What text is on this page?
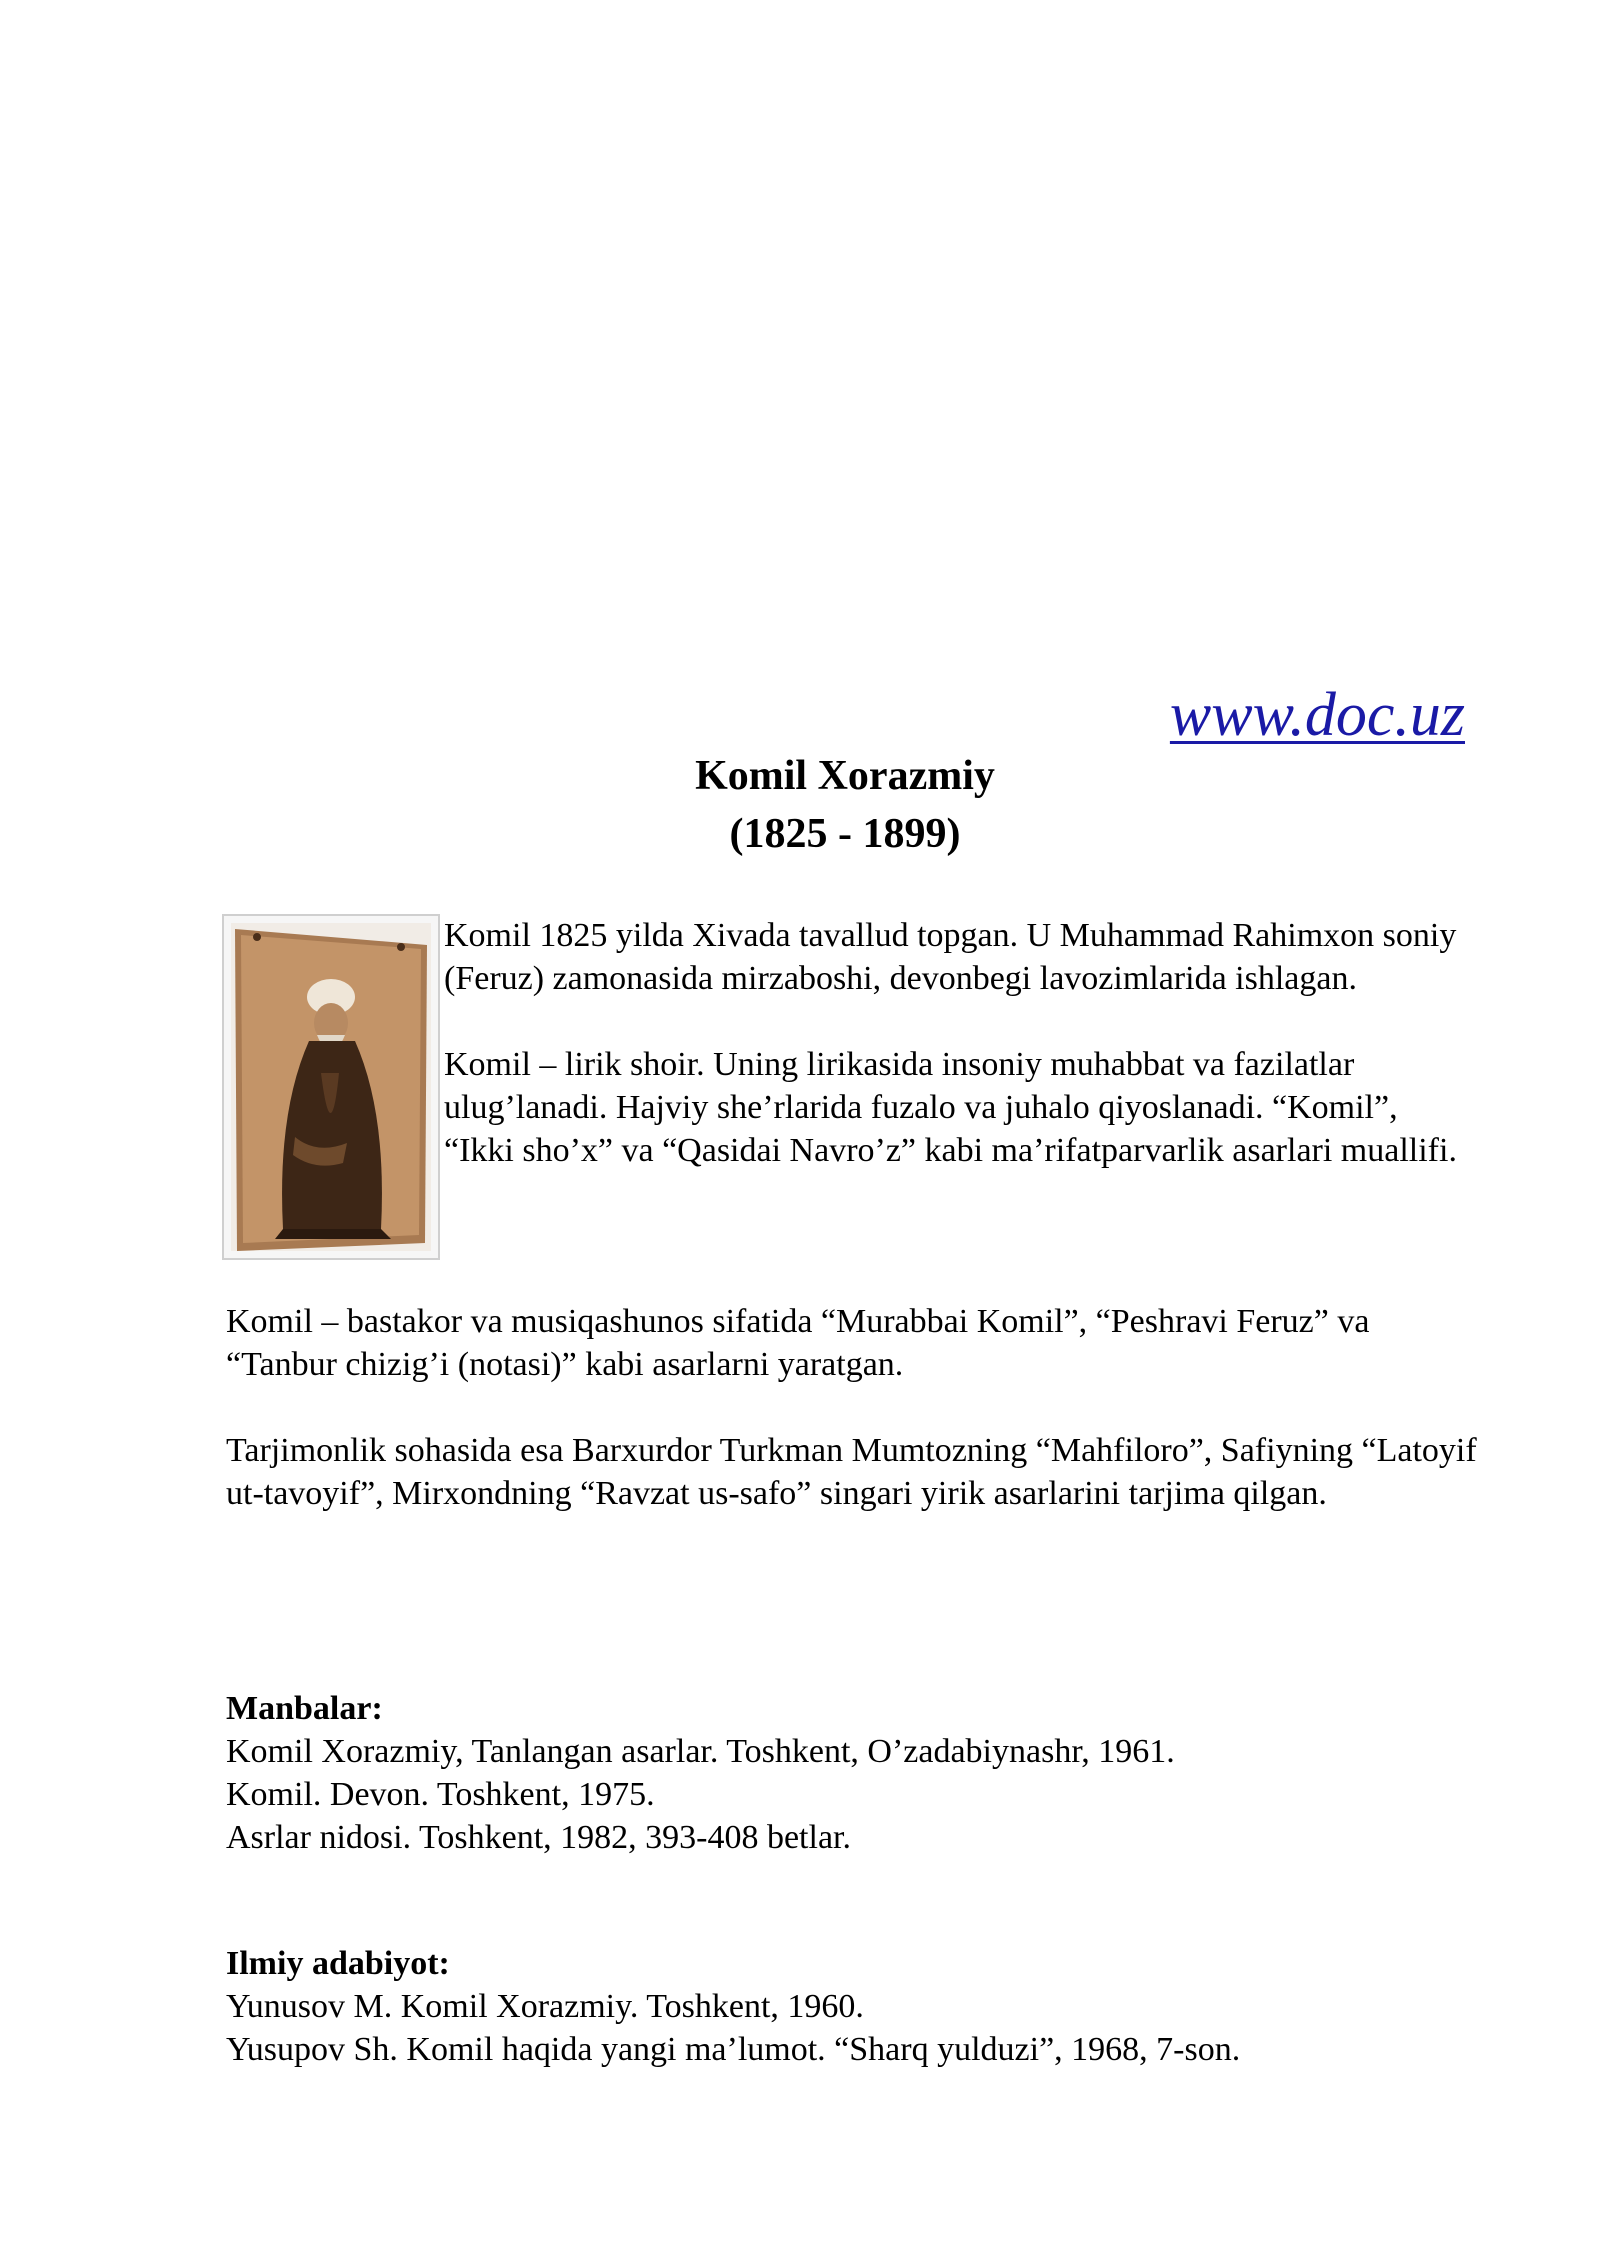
www.doc.uz
Komil Xorazmiy
(1825 - 1899)

Komil 1825 yilda Xivada tavallud topgan. U Muhammad Rahimxon soniy (Feruz) zamonasida mirzaboshi, devonbegi lavozimlarida ishlagan.

Komil – lirik shoir. Uning lirikasida insoniy muhabbat va fazilatlar ulug’lanadi. Hajviy she’rlarida fuzalo va juhalo qiyoslanadi. “Komil”, “Ikki sho’x” va “Qasidai Navro’z” kabi ma’rifatparvarlik asarlari muallifi.

Komil – bastakor va musiqashunos sifatida “Murabbai Komil”, “Peshravi Feruz” va “Tanbur chizig’i (notasi)” kabi asarlarni yaratgan.

Tarjimonlik sohasida esa Barxurdor Turkman Mumtozning “Mahfiloro”, Safiyning “Latoyif ut-tavoyif”, Mirxondning “Ravzat us-safo” singari yirik asarlarini tarjima qilgan.

Manbalar:
Komil Xorazmiy, Tanlangan asarlar. Toshkent, O’zadabiynashr, 1961.
Komil. Devon. Toshkent, 1975.
Asrlar nidosi. Toshkent, 1982, 393-408 betlar.
Ilmiy adabiyot:
Yunusov M. Komil Xorazmiy. Toshkent, 1960.
Yusupov Sh. Komil haqida yangi ma’lumot. “Sharq yulduzi”, 1968, 7-son.
